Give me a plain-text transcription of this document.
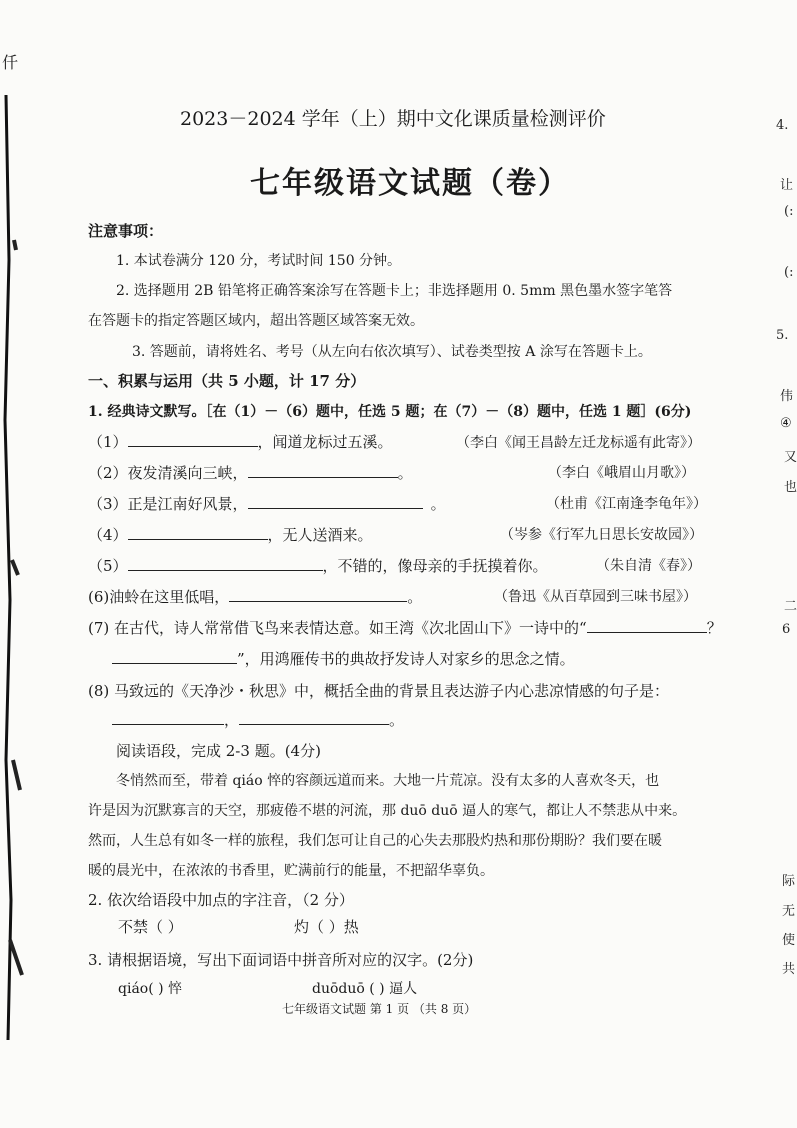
仟
4.
让
(:
(:
5.
伟
④
又
也
二
6
际
无
使
共
2023－2024 学年（上）期中文化课质量检测评价
七年级语文试题（卷）
注意事项：
1. 本试卷满分 120 分，考试时间 150 分钟。
2. 选择题用 2B 铅笔将正确答案涂写在答题卡上；非选择题用 0. 5mm 黑色墨水签字笔答
在答题卡的指定答题区域内，超出答题区域答案无效。
3. 答题前，请将姓名、考号（从左向右依次填写）、试卷类型按 A 涂写在答题卡上。
一、积累与运用（共 5 小题，计 17 分）
1. 经典诗文默写。［在（1）－（6）题中，任选 5 题；在（7）－（8）题中，任选 1 题］(6分)
（1）	，闻道龙标过五溪。	（李白《闻王昌龄左迁龙标遥有此寄》）
（2）夜发清溪向三峡，	。	（李白《峨眉山月歌》）
（3）正是江南好风景，	。	（杜甫《江南逢李龟年》）
（4）	，无人送酒来。	（岑参《行军九日思长安故园》）
（5）	，不错的，像母亲的手抚摸着你。	（朱自清《春》）
(6)油蛉在这里低唱，	。	（鲁迅《从百草园到三味书屋》）
(7) 在古代，诗人常常借飞鸟来表情达意。如王湾《次北固山下》一诗中的“	？
”，用鸿雁传书的典故抒发诗人对家乡的思念之情。
(8) 马致远的《天净沙・秋思》中，概括全曲的背景且表达游子内心悲凉情感的句子是：
，	。
阅读语段，完成 2-3 题。(4分)
冬悄然而至，带着 qiáo 悴的容颜远道而来。大地一片荒凉。没有太多的人喜欢冬天，也
许是因为沉默寡言的天空，那疲倦不堪的河流，那 duō duō 逼人的寒气，都让人不禁悲从中来。
然而，人生总有如冬一样的旅程，我们怎可让自己的心失去那股灼热和那份期盼？我们要在暖
暖的晨光中，在浓浓的书香里，贮满前行的能量，不把韶华辜负。
2. 依次给语段中加点的字注音，（2 分）
不禁（ ）	灼（ ）热
3. 请根据语境，写出下面词语中拼音所对应的汉字。(2分)
qiáo( ) 悴	duōduō ( ) 逼人
七年级语文试题 第 1 页 （共 8 页）
